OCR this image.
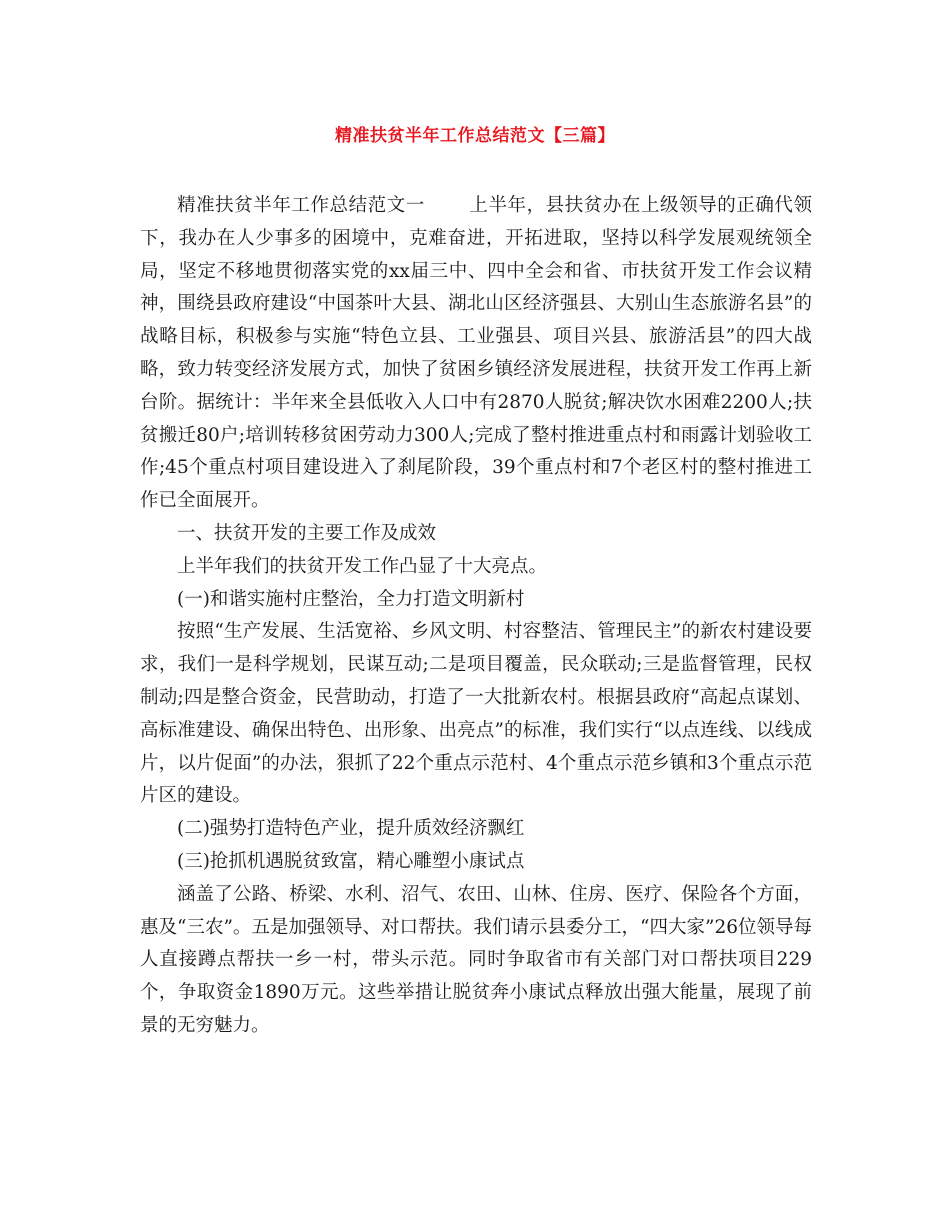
精准扶贫半年工作总结范文【三篇】

精准扶贫半年工作总结范文一 上半年，县扶贫办在上级领导的正确代领下，我办在人少事多的困境中，克难奋进，开拓进取，坚持以科学发展观统领全局，坚定不移地贯彻落实党的xx届三中、四中全会和省、市扶贫开发工作会议精神，围绕县政府建设“中国茶叶大县、湖北山区经济强县、大别山生态旅游名县”的战略目标，积极参与实施“特色立县、工业强县、项目兴县、旅游活县”的四大战略，致力转变经济发展方式，加快了贫困乡镇经济发展进程，扶贫开发工作再上新台阶。据统计：半年来全县低收入人口中有2870人脱贫;解决饮水困难2200人;扶贫搬迁80户;培训转移贫困劳动力300人;完成了整村推进重点村和雨露计划验收工作;45个重点村项目建设进入了刹尾阶段，39个重点村和7个老区村的整村推进工作已全面展开。

一、扶贫开发的主要工作及成效

上半年我们的扶贫开发工作凸显了十大亮点。

(一)和谐实施村庄整治，全力打造文明新村

按照“生产发展、生活宽裕、乡风文明、村容整洁、管理民主”的新农村建设要求，我们一是科学规划，民谋互动;二是项目覆盖，民众联动;三是监督管理，民权制动;四是整合资金，民营助动，打造了一大批新农村。根据县政府“高起点谋划、高标准建设、确保出特色、出形象、出亮点”的标准，我们实行“以点连线、以线成片，以片促面”的办法，狠抓了22个重点示范村、4个重点示范乡镇和3个重点示范片区的建设。

(二)强势打造特色产业，提升质效经济飘红

(三)抢抓机遇脱贫致富，精心雕塑小康试点

涵盖了公路、桥梁、水利、沼气、农田、山林、住房、医疗、保险各个方面，惠及“三农”。五是加强领导、对口帮扶。我们请示县委分工，“四大家”26位领导每人直接蹲点帮扶一乡一村，带头示范。同时争取省市有关部门对口帮扶项目229个，争取资金1890万元。这些举措让脱贫奔小康试点释放出强大能量，展现了前景的无穷魅力。
